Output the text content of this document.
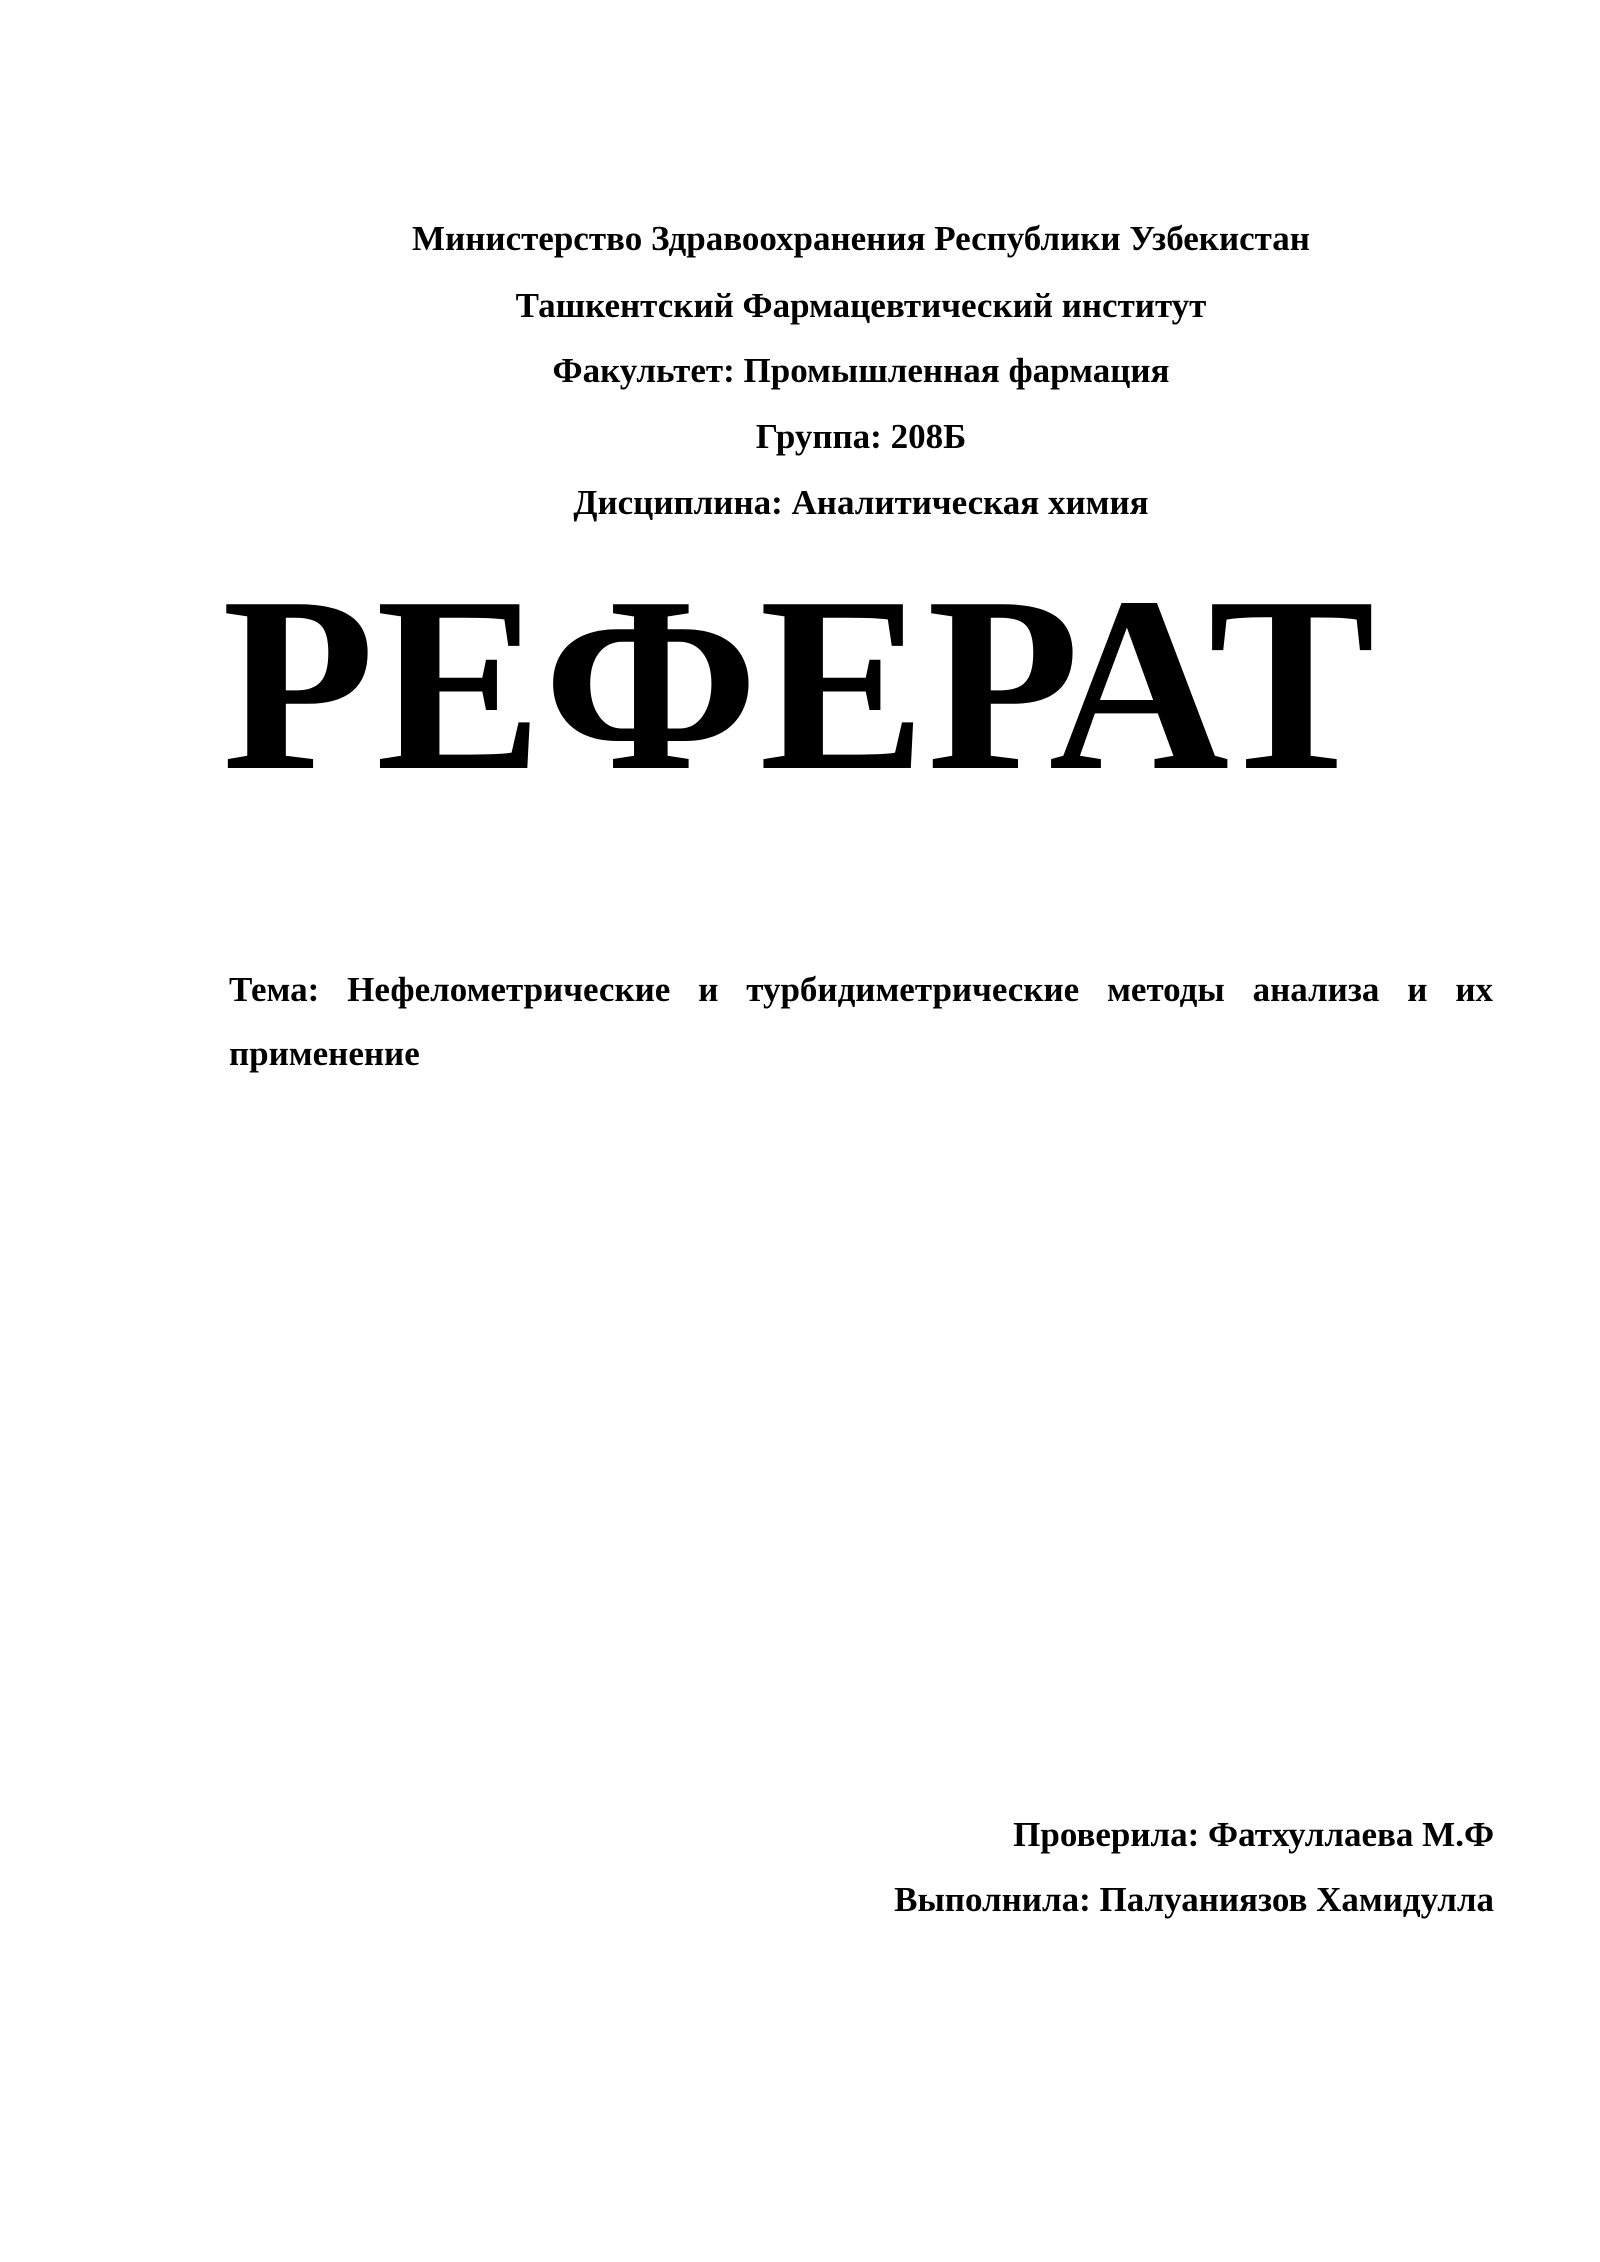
Министерство Здравоохранения Республики Узбекистан
Ташкентский Фармацевтический институт
Факультет: Промышленная фармация
Группа: 208Б
Дисциплина: Аналитическая химия
РЕФЕРАТ
Тема: Нефелометрические и турбидиметрические методы анализа и их применение
Проверила: Фатхуллаева М.Ф
Выполнила: Палуаниязов Хамидулла
